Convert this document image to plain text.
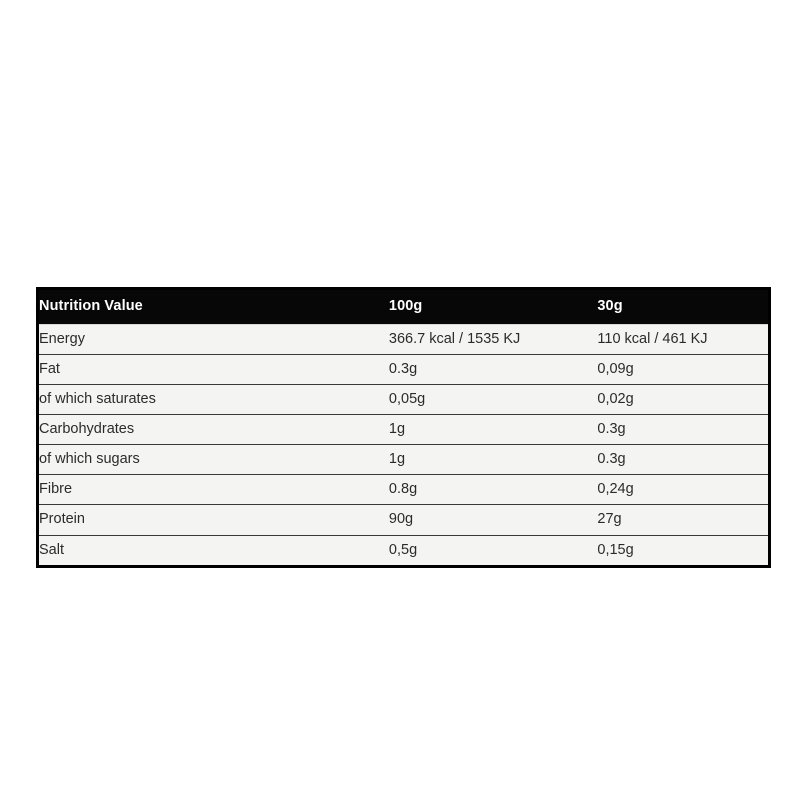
Nutrition Value	100g	30g
Energy	366.7 kcal / 1535 KJ	110 kcal / 461 KJ
Fat	0.3g	0,09g
of which saturates	0,05g	0,02g
Carbohydrates	1g	0.3g
of which sugars	1g	0.3g
Fibre	0.8g	0,24g
Protein	90g	27g
Salt	0,5g	0,15g
